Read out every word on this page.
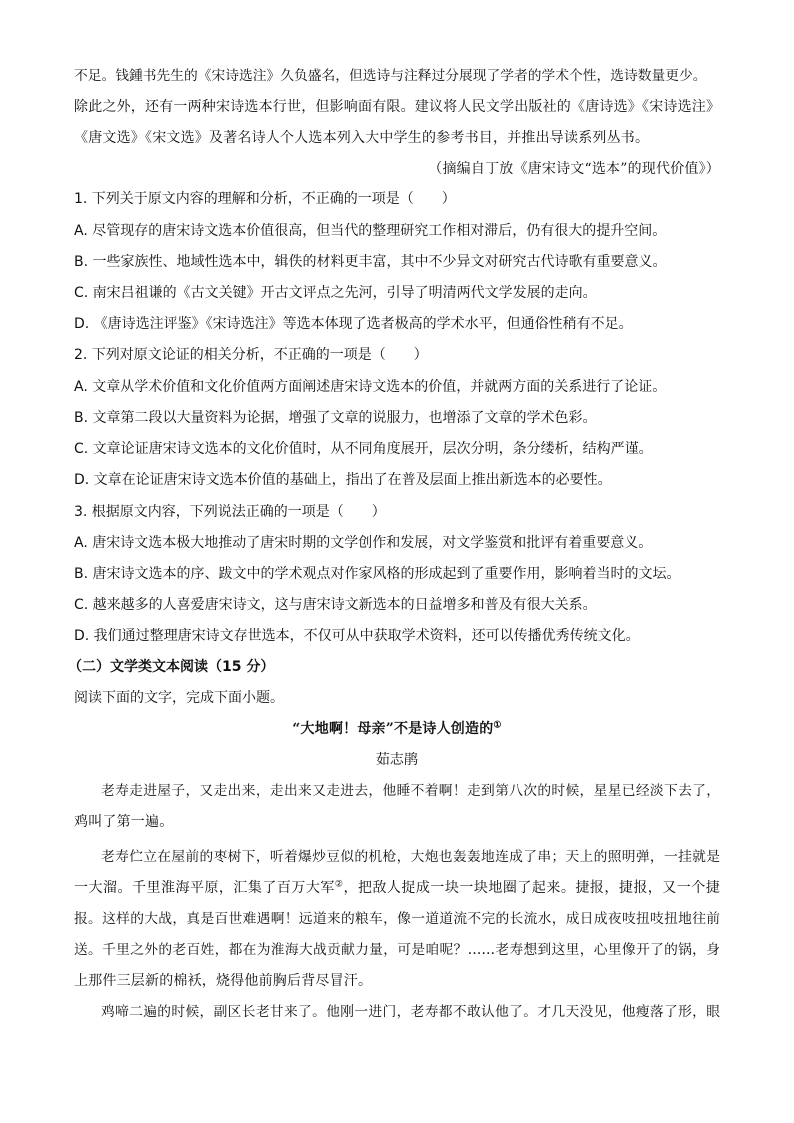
不足。钱鍾书先生的《宋诗选注》久负盛名，但选诗与注释过分展现了学者的学术个性，选诗数量更少。
除此之外，还有一两种宋诗选本行世，但影响面有限。建议将人民文学出版社的《唐诗选》《宋诗选注》
《唐文选》《宋文选》及著名诗人个人选本列入大中学生的参考书目，并推出导读系列丛书。
（摘编自丁放《唐宋诗文“选本”的现代价值》）
1. 下列关于原文内容的理解和分析，不正确的一项是（　　）
A. 尽管现存的唐宋诗文选本价值很高，但当代的整理研究工作相对滞后，仍有很大的提升空间。
B. 一些家族性、地域性选本中，辑佚的材料更丰富，其中不少异文对研究古代诗歌有重要意义。
C. 南宋吕祖谦的《古文关键》开古文评点之先河，引导了明清两代文学发展的走向。
D. 《唐诗选注评鉴》《宋诗选注》等选本体现了选者极高的学术水平，但通俗性稍有不足。
2. 下列对原文论证的相关分析，不正确的一项是（　　）
A. 文章从学术价值和文化价值两方面阐述唐宋诗文选本的价值，并就两方面的关系进行了论证。
B. 文章第二段以大量资料为论据，增强了文章的说服力，也增添了文章的学术色彩。
C. 文章论证唐宋诗文选本的文化价值时，从不同角度展开，层次分明，条分缕析，结构严谨。
D. 文章在论证唐宋诗文选本价值的基础上，指出了在普及层面上推出新选本的必要性。
3. 根据原文内容，下列说法正确的一项是（　　）
A. 唐宋诗文选本极大地推动了唐宋时期的文学创作和发展，对文学鉴赏和批评有着重要意义。
B. 唐宋诗文选本的序、跋文中的学术观点对作家风格的形成起到了重要作用，影响着当时的文坛。
C. 越来越多的人喜爱唐宋诗文，这与唐宋诗文新选本的日益增多和普及有很大关系。
D. 我们通过整理唐宋诗文存世选本，不仅可从中获取学术资料，还可以传播优秀传统文化。
（二）文学类文本阅读（15 分）
阅读下面的文字，完成下面小题。
“大地啊！母亲”不是诗人创造的①
茹志鹃
老寿走进屋子，又走出来，走出来又走进去，他睡不着啊！走到第八次的时候，星星已经淡下去了，
鸡叫了第一遍。
老寿伫立在屋前的枣树下，听着爆炒豆似的机枪，大炮也轰轰地连成了串；天上的照明弹，一挂就是
一大溜。千里淮海平原，汇集了百万大军②，把敌人捉成一块一块地圈了起来。捷报，捷报，又一个捷
报。这样的大战，真是百世难遇啊！远道来的粮车，像一道道流不完的长流水，成日成夜吱扭吱扭地往前
送。千里之外的老百姓，都在为淮海大战贡献力量，可是咱呢？……老寿想到这里，心里像开了的锅，身
上那件三层新的棉袄，烧得他前胸后背尽冒汗。
鸡啼二遍的时候，副区长老甘来了。他刚一进门，老寿都不敢认他了。才几天没见，他瘦落了形，眼
